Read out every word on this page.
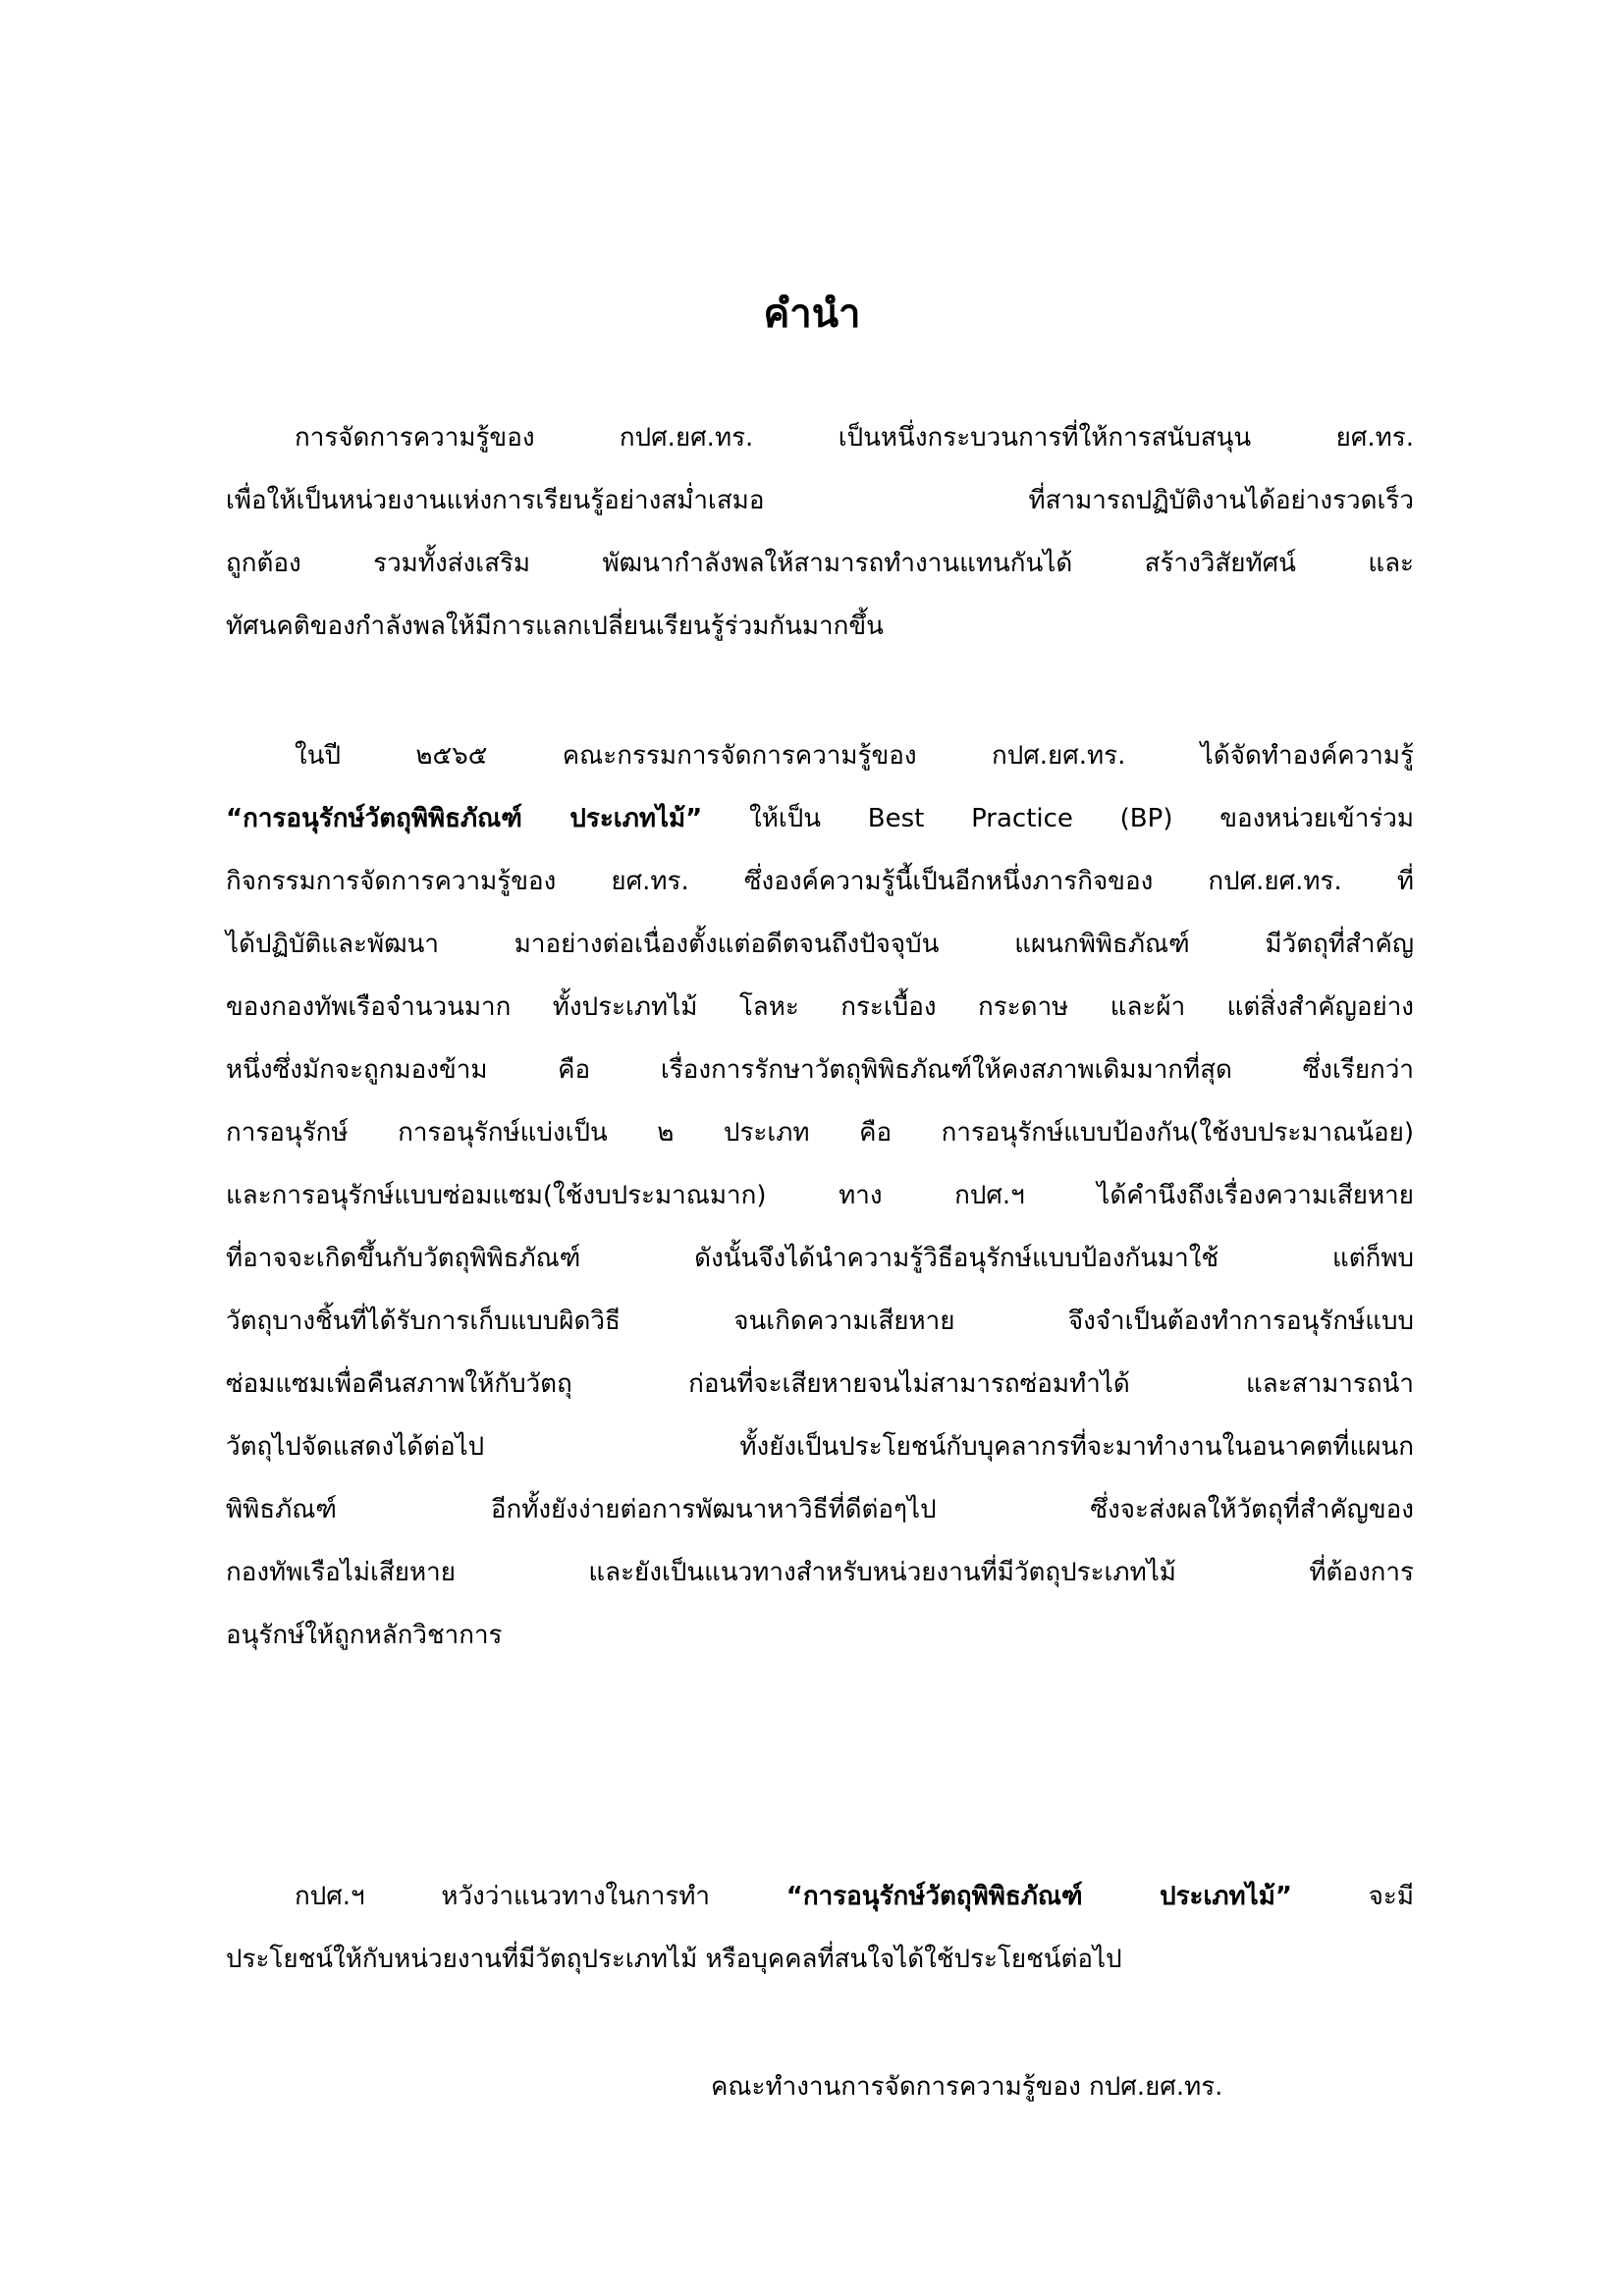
คำนำ
การจัดการความรู้ของ กปศ.ยศ.ทร. เป็นหนึ่งกระบวนการที่ให้การสนับสนุน ยศ.ทร.
เพื่อให้เป็นหน่วยงานแห่งการเรียนรู้อย่างสม่ำเสมอ ที่สามารถปฏิบัติงานได้อย่างรวดเร็ว
ถูกต้อง รวมทั้งส่งเสริม พัฒนากำลังพลให้สามารถทำงานแทนกันได้ สร้างวิสัยทัศน์ และ
ทัศนคติของกำลังพลให้มีการแลกเปลี่ยนเรียนรู้ร่วมกันมากขึ้น
ในปี ๒๕๖๕ คณะกรรมการจัดการความรู้ของ กปศ.ยศ.ทร. ได้จัดทำองค์ความรู้
“การอนุรักษ์วัตถุพิพิธภัณฑ์ ประเภทไม้” ให้เป็น Best Practice (BP) ของหน่วยเข้าร่วม
กิจกรรมการจัดการความรู้ของ ยศ.ทร. ซึ่งองค์ความรู้นี้เป็นอีกหนึ่งภารกิจของ กปศ.ยศ.ทร. ที่
ได้ปฏิบัติและพัฒนา มาอย่างต่อเนื่องตั้งแต่อดีตจนถึงปัจจุบัน แผนกพิพิธภัณฑ์ มีวัตถุที่สำคัญ
ของกองทัพเรือจำนวนมาก ทั้งประเภทไม้ โลหะ กระเบื้อง กระดาษ และผ้า แต่สิ่งสำคัญอย่าง
หนึ่งซึ่งมักจะถูกมองข้าม คือ เรื่องการรักษาวัตถุพิพิธภัณฑ์ให้คงสภาพเดิมมากที่สุด ซึ่งเรียกว่า
การอนุรักษ์ การอนุรักษ์แบ่งเป็น ๒ ประเภท คือ การอนุรักษ์แบบป้องกัน(ใช้งบประมาณน้อย)
และการอนุรักษ์แบบซ่อมแซม(ใช้งบประมาณมาก) ทาง กปศ.ฯ ได้คำนึงถึงเรื่องความเสียหาย
ที่อาจจะเกิดขึ้นกับวัตถุพิพิธภัณฑ์ ดังนั้นจึงได้นำความรู้วิธีอนุรักษ์แบบป้องกันมาใช้ แต่ก็พบ
วัตถุบางชิ้นที่ได้รับการเก็บแบบผิดวิธี จนเกิดความเสียหาย จึงจำเป็นต้องทำการอนุรักษ์แบบ
ซ่อมแซมเพื่อคืนสภาพให้กับวัตถุ ก่อนที่จะเสียหายจนไม่สามารถซ่อมทำได้ และสามารถนำ
วัตถุไปจัดแสดงได้ต่อไป ทั้งยังเป็นประโยชน์กับบุคลากรที่จะมาทำงานในอนาคตที่แผนก
พิพิธภัณฑ์ อีกทั้งยังง่ายต่อการพัฒนาหาวิธีที่ดีต่อๆไป ซึ่งจะส่งผลให้วัตถุที่สำคัญของ
กองทัพเรือไม่เสียหาย และยังเป็นแนวทางสำหรับหน่วยงานที่มีวัตถุประเภทไม้ ที่ต้องการ
อนุรักษ์ให้ถูกหลักวิชาการ
กปศ.ฯ หวังว่าแนวทางในการทำ “การอนุรักษ์วัตถุพิพิธภัณฑ์ ประเภทไม้” จะมี
ประโยชน์ให้กับหน่วยงานที่มีวัตถุประเภทไม้ หรือบุคคลที่สนใจได้ใช้ประโยชน์ต่อไป
คณะทำงานการจัดการความรู้ของ กปศ.ยศ.ทร.
